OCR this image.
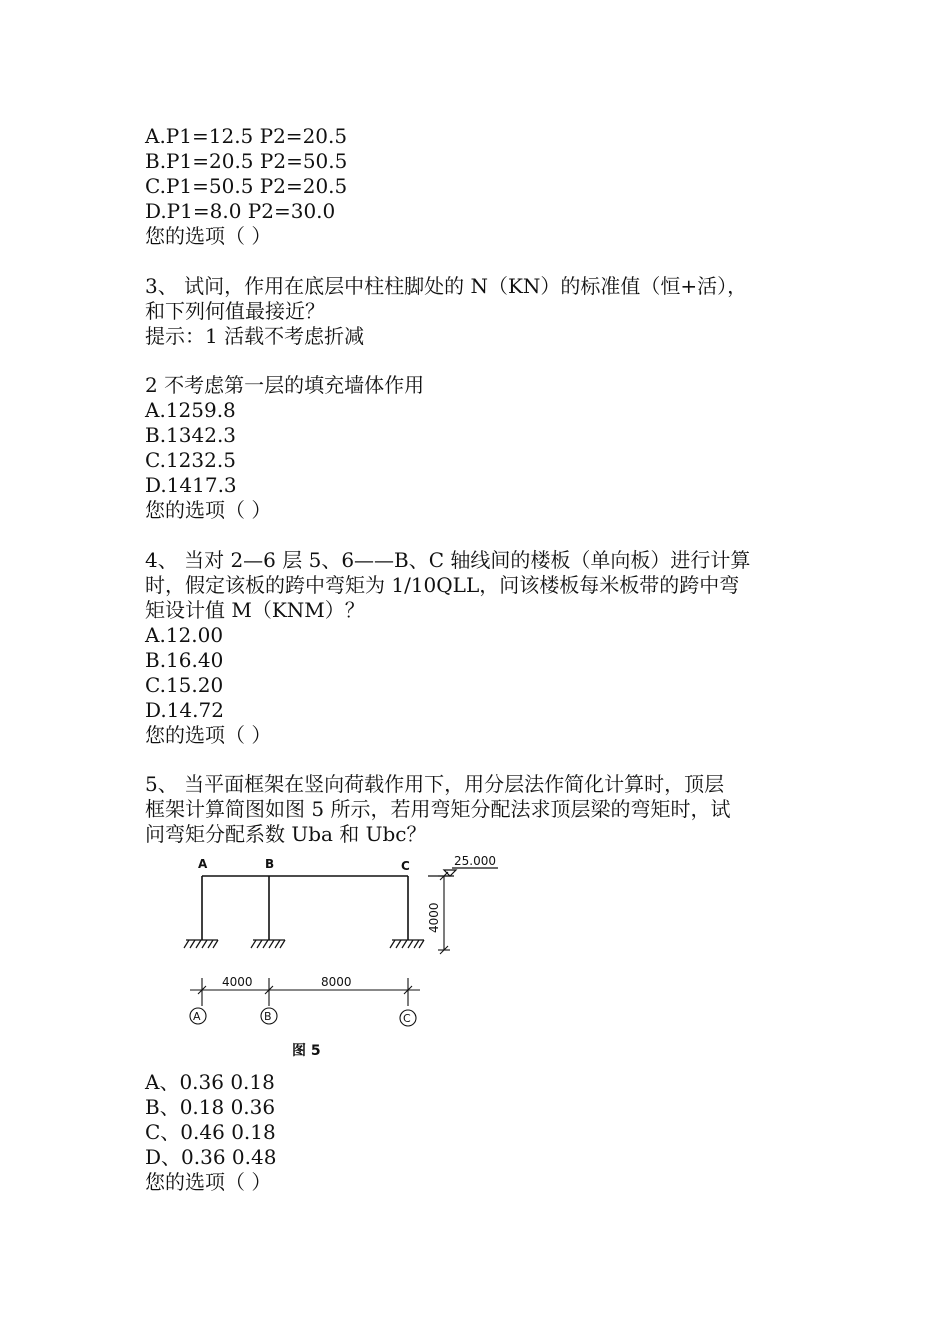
A.P1=12.5 P2=20.5
B.P1=20.5 P2=50.5
C.P1=50.5 P2=20.5
D.P1=8.0 P2=30.0
您的选项（ ）
3、 试问，作用在底层中柱柱脚处的 N（KN）的标准值（恒+活），
和下列何值最接近？
提示：1 活载不考虑折减
2 不考虑第一层的填充墙体作用
A.1259.8
B.1342.3
C.1232.5
D.1417.3
您的选项（ ）
4、 当对 2—6 层 5、6——B、C 轴线间的楼板（单向板）进行计算
时，假定该板的跨中弯矩为 1/10QLL，问该楼板每米板带的跨中弯
矩设计值 M（KNM）？
A.12.00
B.16.40
C.15.20
D.14.72
您的选项（ ）
5、 当平面框架在竖向荷载作用下，用分层法作简化计算时，顶层
框架计算简图如图 5 所示，若用弯矩分配法求顶层梁的弯矩时，试
问弯矩分配系数 Uba 和 Ubc？
A	B	C	25.000
4000
4000	8000
A	B	C
图 5
A、0.36 0.18
B、0.18 0.36
C、0.46 0.18
D、0.36 0.48
您的选项（ ）
